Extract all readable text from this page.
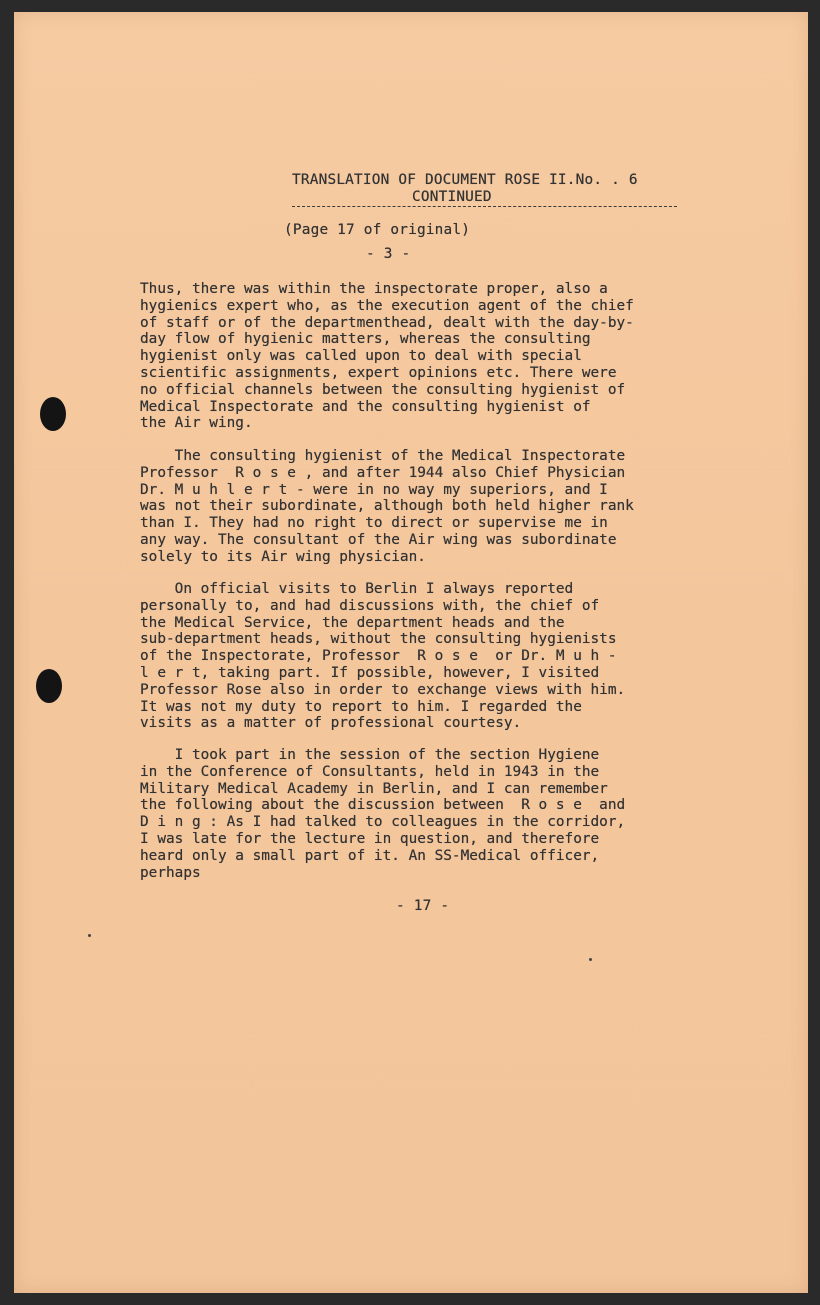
TRANSLATION OF DOCUMENT ROSE II.No. . 6
CONTINUED
(Page 17 of original)
- 3 -
Thus, there was within the inspectorate proper, also a
hygienics expert who, as the execution agent of the chief
of staff or of the departmenthead, dealt with the day-by-
day flow of hygienic matters, whereas the consulting
hygienist only was called upon to deal with special
scientific assignments, expert opinions etc. There were
no official channels between the consulting hygienist of
Medical Inspectorate and the consulting hygienist of
the Air wing.
The consulting hygienist of the Medical Inspectorate
Professor  R o s e , and after 1944 also Chief Physician
Dr. M u h l e r t - were in no way my superiors, and I
was not their subordinate, although both held higher rank
than I. They had no right to direct or supervise me in
any way. The consultant of the Air wing was subordinate
solely to its Air wing physician.
On official visits to Berlin I always reported
personally to, and had discussions with, the chief of
the Medical Service, the department heads and the
sub-department heads, without the consulting hygienists
of the Inspectorate, Professor  R o s e  or Dr. M u h -
l e r t, taking part. If possible, however, I visited
Professor Rose also in order to exchange views with him.
It was not my duty to report to him. I regarded the
visits as a matter of professional courtesy.
I took part in the session of the section Hygiene
in the Conference of Consultants, held in 1943 in the
Military Medical Academy in Berlin, and I can remember
the following about the discussion between  R o s e  and
D i n g : As I had talked to colleagues in the corridor,
I was late for the lecture in question, and therefore
heard only a small part of it. An SS-Medical officer,
perhaps
- 17 -
